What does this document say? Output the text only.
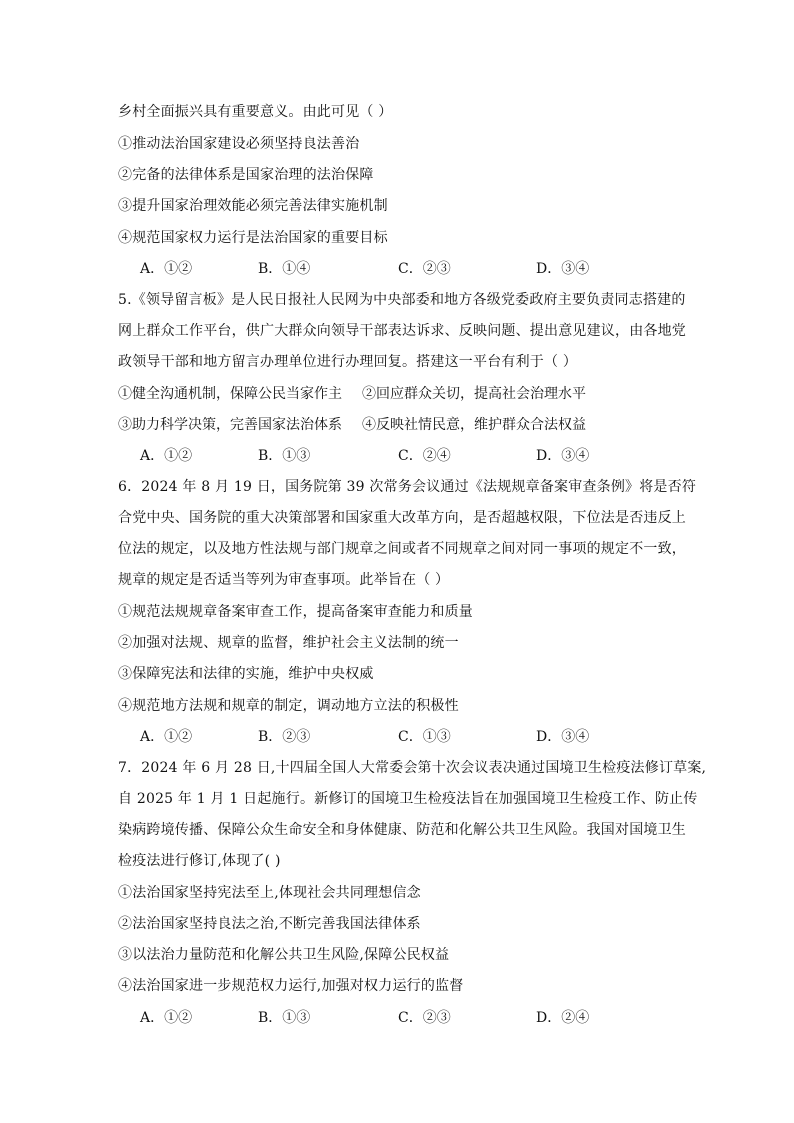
乡村全面振兴具有重要意义。由此可见（ ）
①推动法治国家建设必须坚持良法善治
②完备的法律体系是国家治理的法治保障
③提升国家治理效能必须完善法律实施机制
④规范国家权力运行是法治国家的重要目标
A．①②	B．①④	C．②③	D．③④
5.《领导留言板》是人民日报社人民网为中央部委和地方各级党委政府主要负责同志搭建的
网上群众工作平台，供广大群众向领导干部表达诉求、反映问题、提出意见建议，由各地党
政领导干部和地方留言办理单位进行办理回复。搭建这一平台有利于（ ）
①健全沟通机制，保障公民当家作主 ②回应群众关切，提高社会治理水平
③助力科学决策，完善国家法治体系 ④反映社情民意，维护群众合法权益
A．①②	B．①③	C．②④	D．③④
6．2024 年 8 月 19 日，国务院第 39 次常务会议通过《法规规章备案审查条例》将是否符
合党中央、国务院的重大决策部署和国家重大改革方向，是否超越权限，下位法是否违反上
位法的规定，以及地方性法规与部门规章之间或者不同规章之间对同一事项的规定不一致，
规章的规定是否适当等列为审查事项。此举旨在（ ）
①规范法规规章备案审查工作，提高备案审查能力和质量
②加强对法规、规章的监督，维护社会主义法制的统一
③保障宪法和法律的实施，维护中央权威
④规范地方法规和规章的制定，调动地方立法的积极性
A．①②	B．②③	C．①③	D．③④
7．2024 年 6 月 28 日,十四届全国人大常委会第十次会议表决通过国境卫生检疫法修订草案,
自 2025 年 1 月 1 日起施行。新修订的国境卫生检疫法旨在加强国境卫生检疫工作、防止传
染病跨境传播、保障公众生命安全和身体健康、防范和化解公共卫生风险。我国对国境卫生
检疫法进行修订,体现了( )
①法治国家坚持宪法至上,体现社会共同理想信念
②法治国家坚持良法之治,不断完善我国法律体系
③以法治力量防范和化解公共卫生风险,保障公民权益
④法治国家进一步规范权力运行,加强对权力运行的监督
A．①②	B．①③	C．②③	D．②④
